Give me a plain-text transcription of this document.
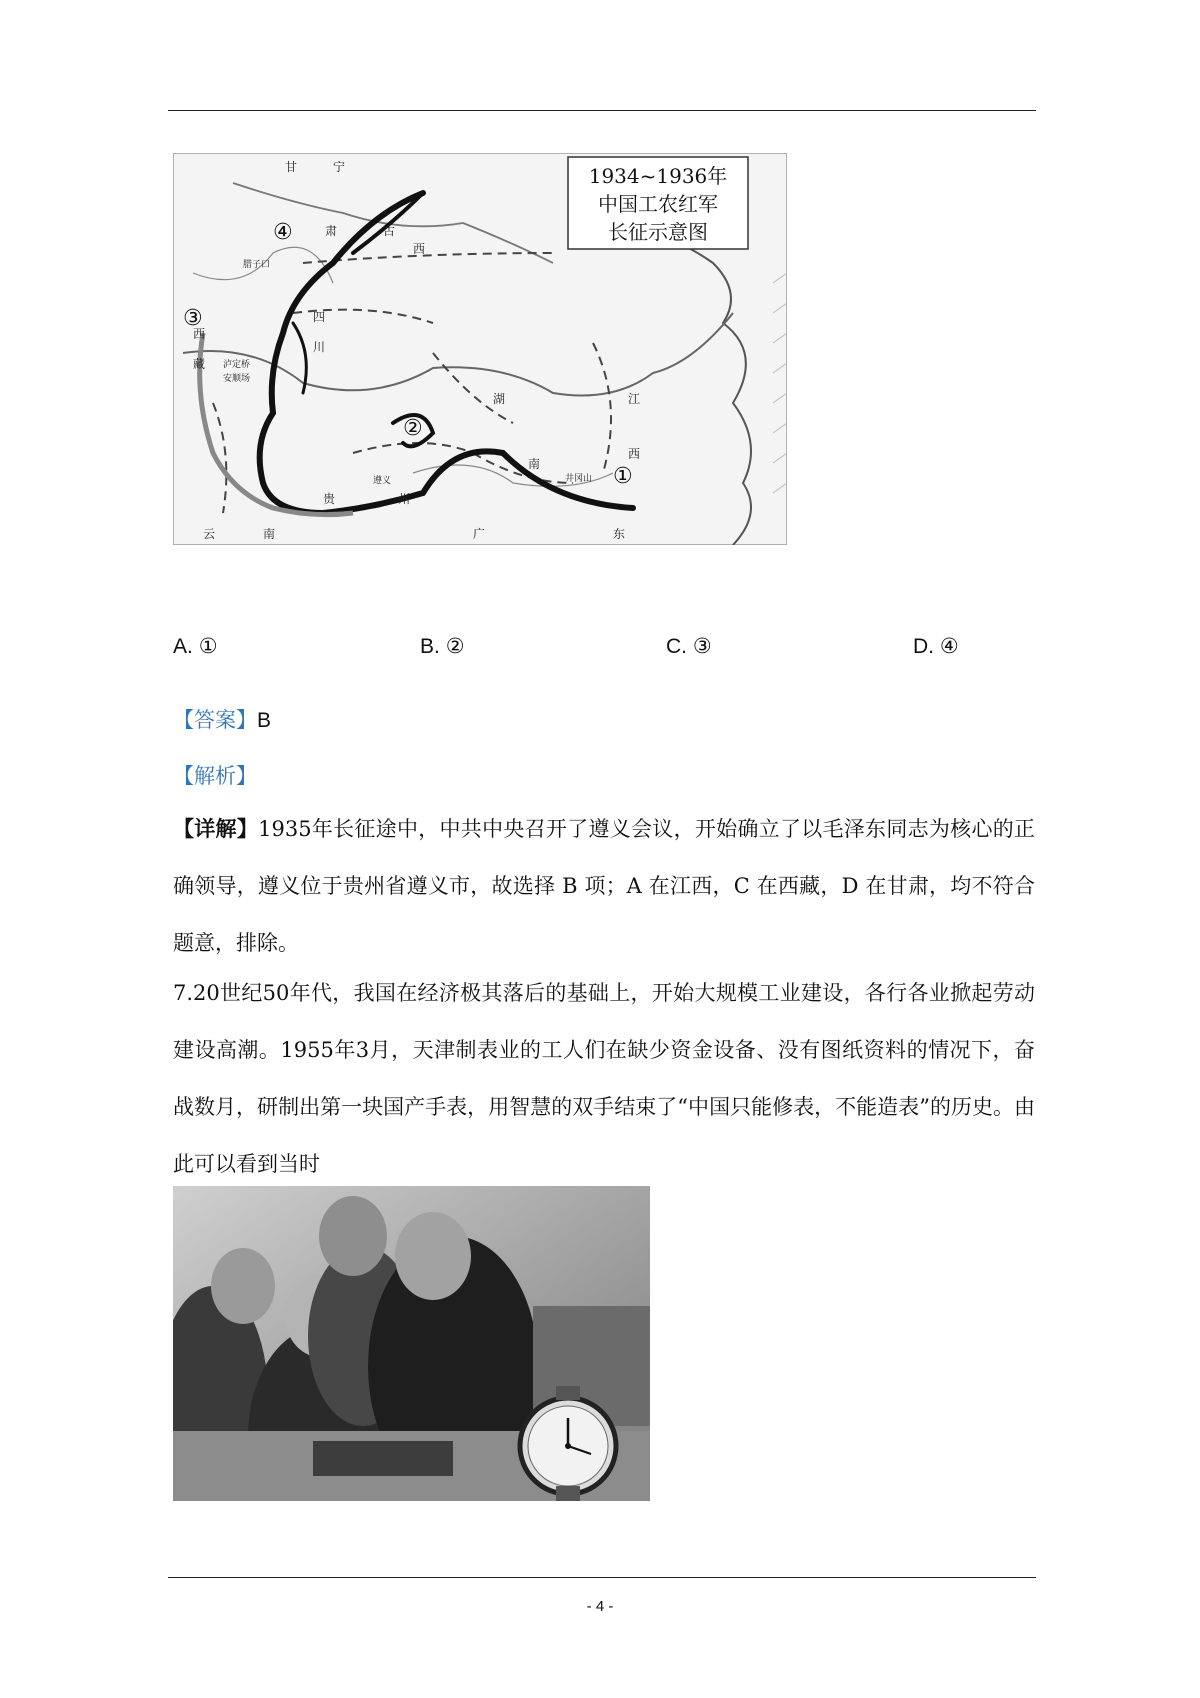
1934~1936年
中国工农红军
长征示意图
①
②
③
④
甘	宁
肃	古
西
四
川
西
藏
贵	州
云	南	广	东
湖
南
江
西
井冈山
遵义
腊子口
泸定桥
安顺场
A. ①	B. ②	C. ③	D. ④
【答案】B
【解析】
【详解】1935年长征途中，中共中央召开了遵义会议，开始确立了以毛泽东同志为核心的正确领导，遵义位于贵州省遵义市，故选择 B 项；A 在江西，C 在西藏，D 在甘肃，均不符合题意，排除。
7.20世纪50年代，我国在经济极其落后的基础上，开始大规模工业建设，各行各业掀起劳动建设高潮。1955年3月，天津制表业的工人们在缺少资金设备、没有图纸资料的情况下，奋战数月，研制出第一块国产手表，用智慧的双手结束了“中国只能修表，不能造表”的历史。由此可以看到当时
- 4 -
